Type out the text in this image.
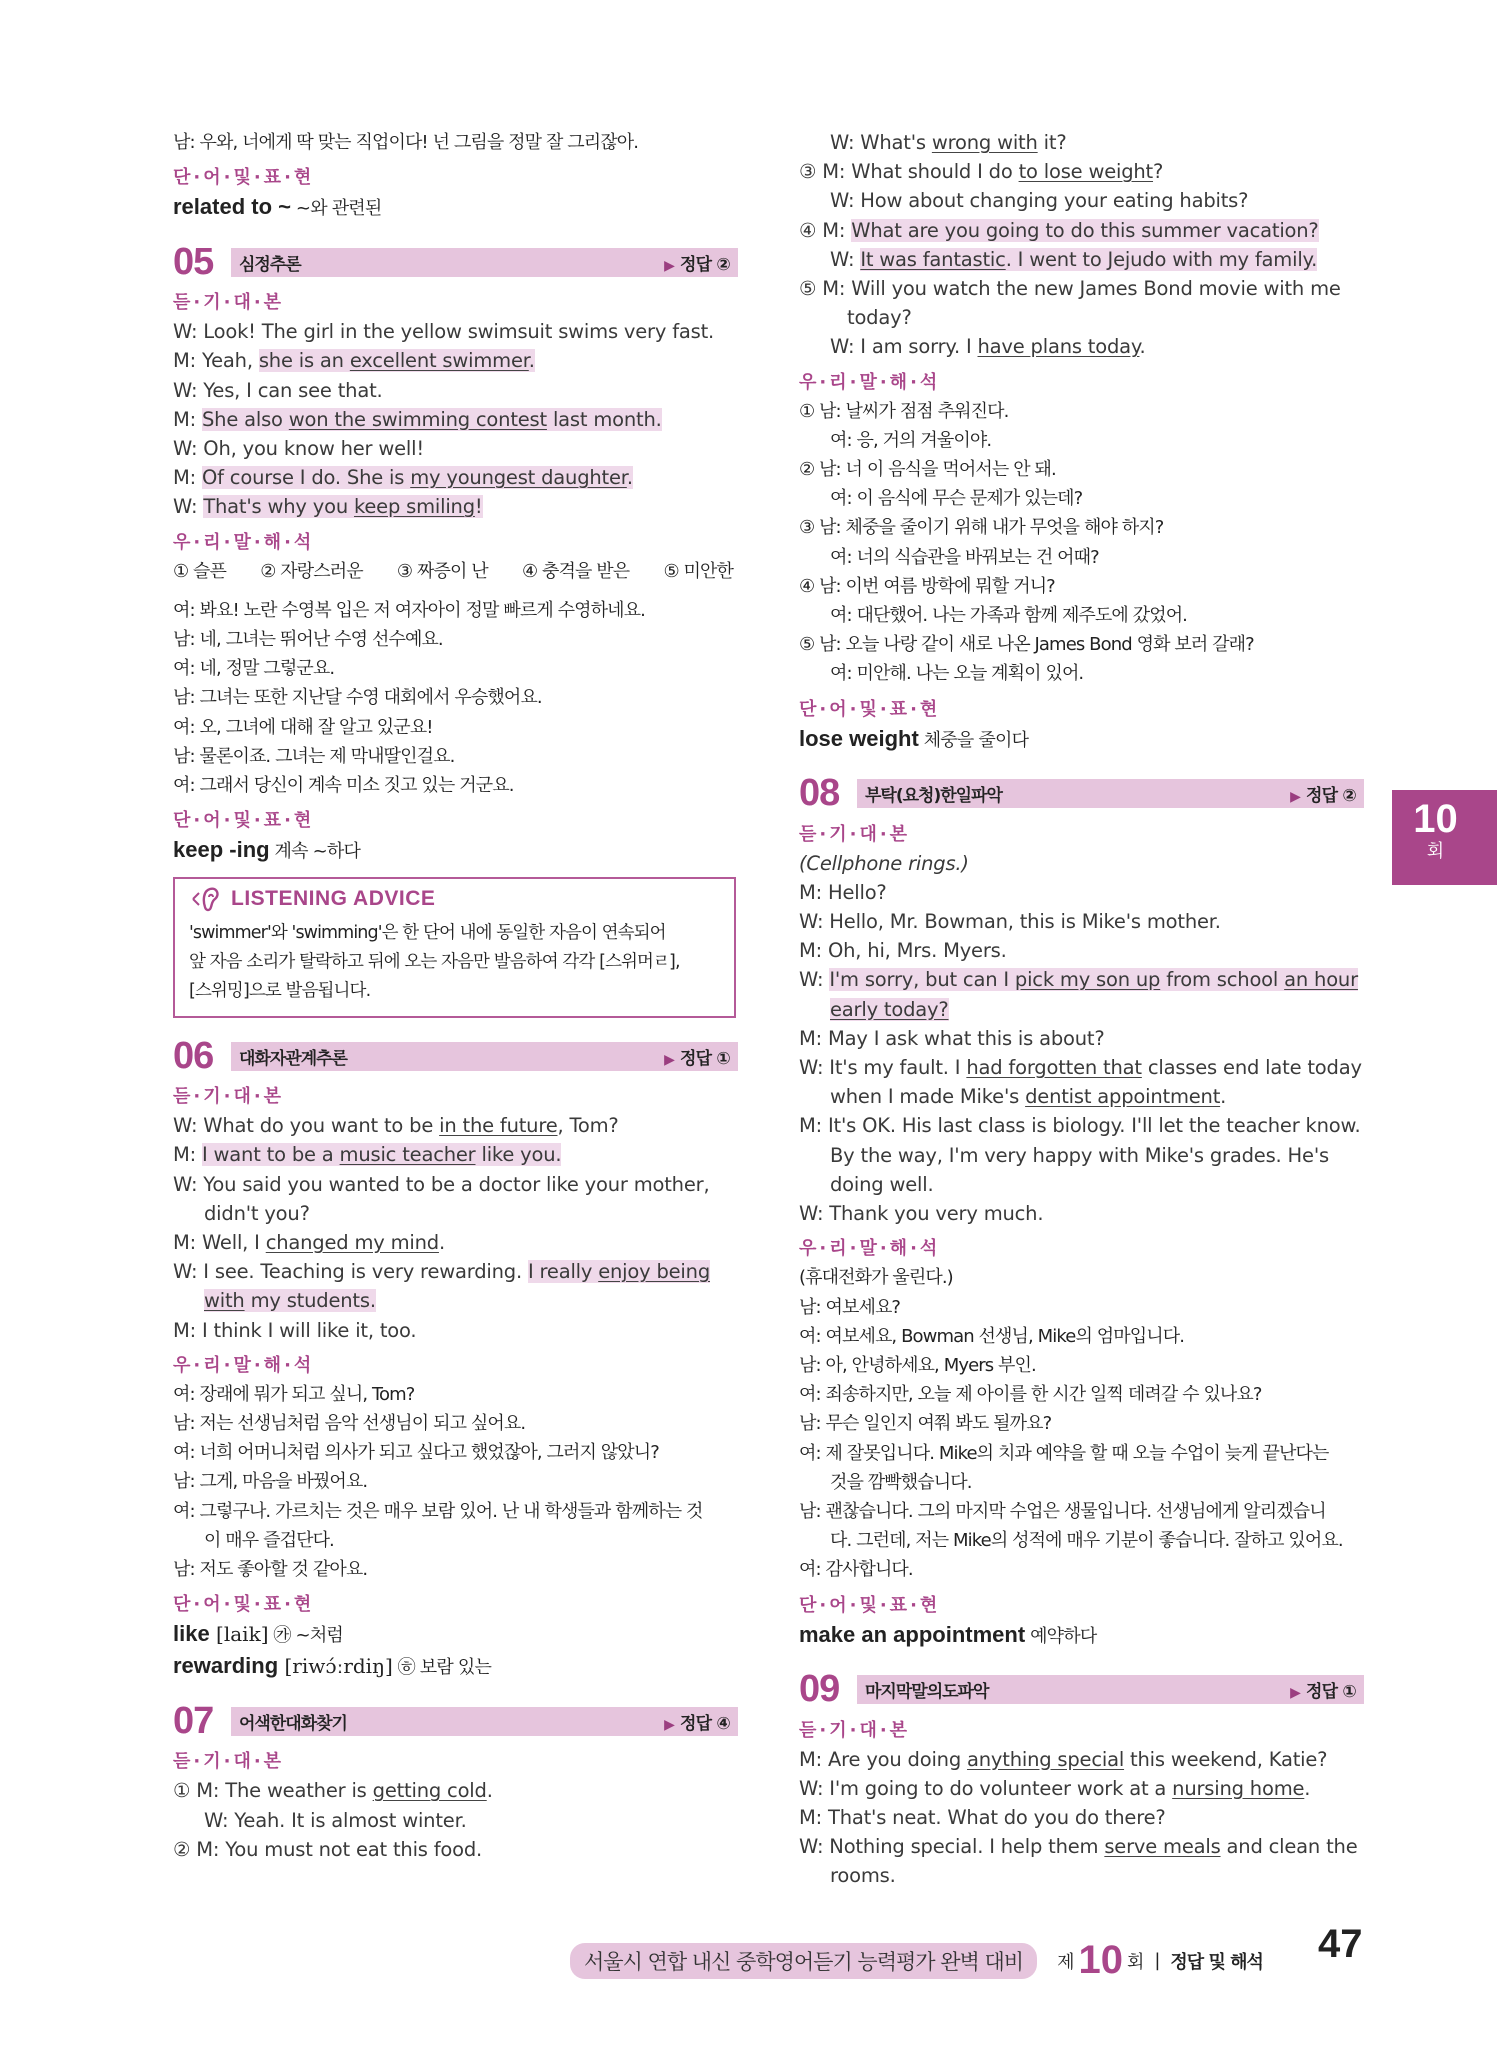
남: 우와, 너에게 딱 맞는 직업이다! 넌 그림을 정말 잘 그리잖아.
단·어·및·표·현
related to ~ ~와 관련된
05	심정추론	▶ 정답 ②
듣·기·대·본
W: Look! The girl in the yellow swimsuit swims very fast.
M: Yeah, she is an excellent swimmer.
W: Yes, I can see that.
M: She also won the swimming contest last month.
W: Oh, you know her well!
M: Of course I do. She is my youngest daughter.
W: That's why you keep smiling!
우·리·말·해·석
① 슬픈　　② 자랑스러운　　③ 짜증이 난　　④ 충격을 받은　　⑤ 미안한
여: 봐요! 노란 수영복 입은 저 여자아이 정말 빠르게 수영하네요.
남: 네, 그녀는 뛰어난 수영 선수예요.
여: 네, 정말 그렇군요.
남: 그녀는 또한 지난달 수영 대회에서 우승했어요.
여: 오, 그녀에 대해 잘 알고 있군요!
남: 물론이죠. 그녀는 제 막내딸인걸요.
여: 그래서 당신이 계속 미소 짓고 있는 거군요.
단·어·및·표·현
keep -ing 계속 ~하다
LISTENING ADVICE
'swimmer'와 'swimming'은 한 단어 내에 동일한 자음이 연속되어
앞 자음 소리가 탈락하고 뒤에 오는 자음만 발음하여 각각 [스위머ㄹ],
[스위밍]으로 발음됩니다.
06	대화자관계추론	▶ 정답 ①
듣·기·대·본
W: What do you want to be in the future, Tom?
M: I want to be a music teacher like you.
W: You said you wanted to be a doctor like your mother,
didn't you?
M: Well, I changed my mind.
W: I see. Teaching is very rewarding. I really enjoy being
with my students.
M: I think I will like it, too.
우·리·말·해·석
여: 장래에 뭐가 되고 싶니, Tom?
남: 저는 선생님처럼 음악 선생님이 되고 싶어요.
여: 너희 어머니처럼 의사가 되고 싶다고 했었잖아, 그러지 않았니?
남: 그게, 마음을 바꿨어요.
여: 그렇구나. 가르치는 것은 매우 보람 있어. 난 내 학생들과 함께하는 것
이 매우 즐겁단다.
남: 저도 좋아할 것 같아요.
단·어·및·표·현
like [laik] ㉮ ~처럼
rewarding [riwɔ́ːrdiŋ] ㉭ 보람 있는
07	어색한대화찾기	▶ 정답 ④
듣·기·대·본
① M: The weather is getting cold.
W: Yeah. It is almost winter.
② M: You must not eat this food.
W: What's wrong with it?
③ M: What should I do to lose weight?
W: How about changing your eating habits?
④ M: What are you going to do this summer vacation?
W: It was fantastic. I went to Jejudo with my family.
⑤ M: Will you watch the new James Bond movie with me
today?
W: I am sorry. I have plans today.
우·리·말·해·석
① 남: 날씨가 점점 추워진다.
여: 응, 거의 겨울이야.
② 남: 너 이 음식을 먹어서는 안 돼.
여: 이 음식에 무슨 문제가 있는데?
③ 남: 체중을 줄이기 위해 내가 무엇을 해야 하지?
여: 너의 식습관을 바꿔보는 건 어때?
④ 남: 이번 여름 방학에 뭐할 거니?
여: 대단했어. 나는 가족과 함께 제주도에 갔었어.
⑤ 남: 오늘 나랑 같이 새로 나온 James Bond 영화 보러 갈래?
여: 미안해. 나는 오늘 계획이 있어.
단·어·및·표·현
lose weight 체중을 줄이다
08	부탁(요청)한일파악	▶ 정답 ②
듣·기·대·본
(Cellphone rings.)
M: Hello?
W: Hello, Mr. Bowman, this is Mike's mother.
M: Oh, hi, Mrs. Myers.
W: I'm sorry, but can I pick my son up from school an hour
early today?
M: May I ask what this is about?
W: It's my fault. I had forgotten that classes end late today
when I made Mike's dentist appointment.
M: It's OK. His last class is biology. I'll let the teacher know.
By the way, I'm very happy with Mike's grades. He's
doing well.
W: Thank you very much.
우·리·말·해·석
(휴대전화가 울린다.)
남: 여보세요?
여: 여보세요, Bowman 선생님, Mike의 엄마입니다.
남: 아, 안녕하세요, Myers 부인.
여: 죄송하지만, 오늘 제 아이를 한 시간 일찍 데려갈 수 있나요?
남: 무슨 일인지 여쭤 봐도 될까요?
여: 제 잘못입니다. Mike의 치과 예약을 할 때 오늘 수업이 늦게 끝난다는
것을 깜빡했습니다.
남: 괜찮습니다. 그의 마지막 수업은 생물입니다. 선생님에게 알리겠습니
다. 그런데, 저는 Mike의 성적에 매우 기분이 좋습니다. 잘하고 있어요.
여: 감사합니다.
단·어·및·표·현
make an appointment 예약하다
09	마지막말의도파악	▶ 정답 ①
듣·기·대·본
M: Are you doing anything special this weekend, Katie?
W: I'm going to do volunteer work at a nursing home.
M: That's neat. What do you do there?
W: Nothing special. I help them serve meals and clean the
rooms.
10
회
서울시 연합 내신 중학영어듣기 능력평가 완벽 대비	제 10 회 | 정답 및 해석 47
